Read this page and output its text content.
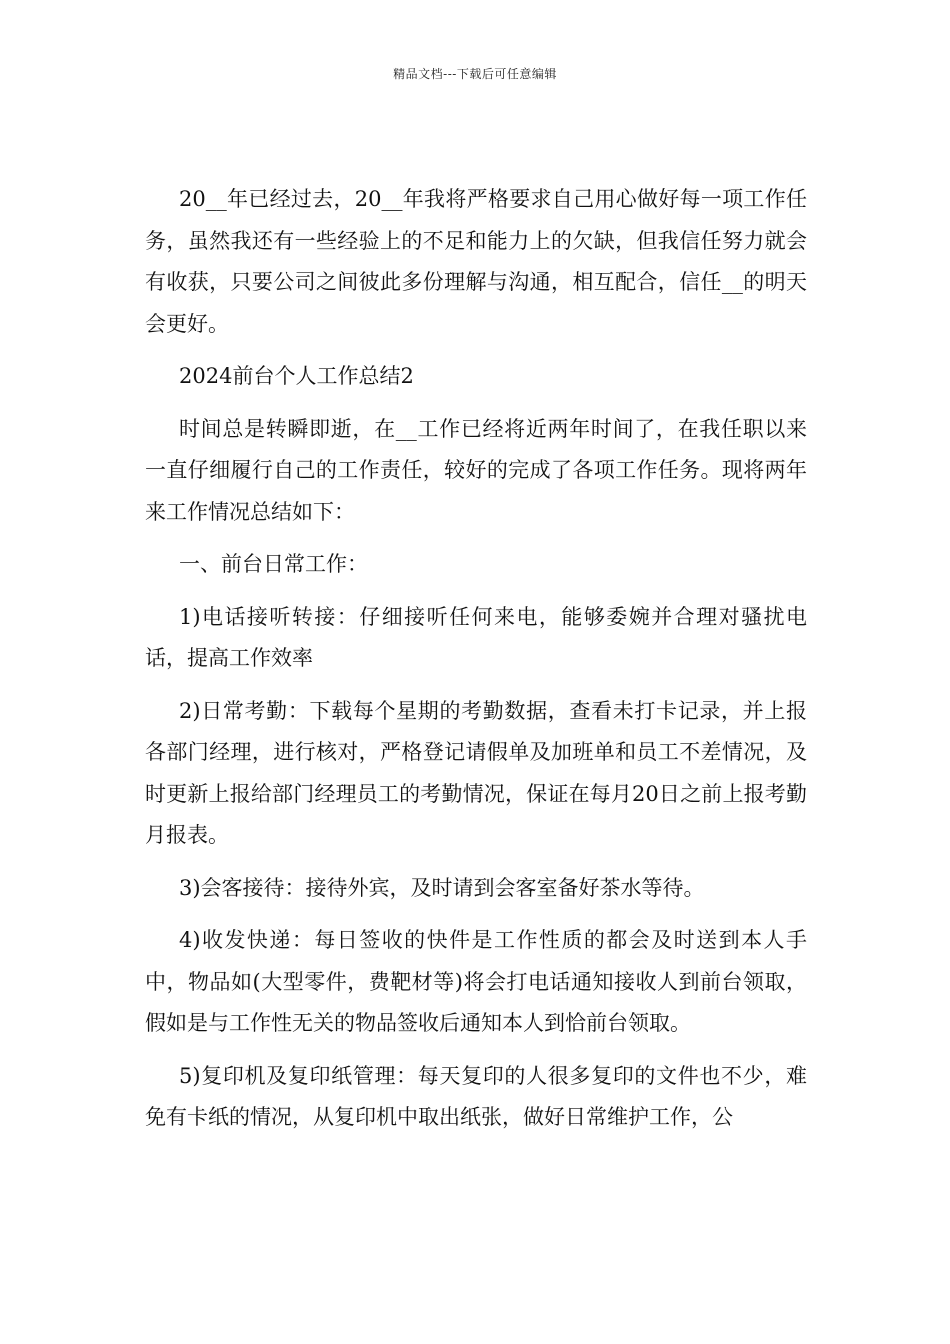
精品文档---下载后可任意编辑

20__年已经过去，20__年我将严格要求自己用心做好每一项工作任务，虽然我还有一些经验上的不足和能力上的欠缺，但我信任努力就会有收获，只要公司之间彼此多份理解与沟通，相互配合，信任__的明天会更好。

2024前台个人工作总结2

时间总是转瞬即逝，在__工作已经将近两年时间了，在我任职以来一直仔细履行自己的工作责任，较好的完成了各项工作任务。现将两年来工作情况总结如下：

一、前台日常工作：

1)电话接听转接：仔细接听任何来电，能够委婉并合理对骚扰电话，提高工作效率

2)日常考勤：下载每个星期的考勤数据，查看未打卡记录，并上报各部门经理，进行核对，严格登记请假单及加班单和员工不差情况，及时更新上报给部门经理员工的考勤情况，保证在每月20日之前上报考勤月报表。

3)会客接待：接待外宾，及时请到会客室备好茶水等待。

4)收发快递：每日签收的快件是工作性质的都会及时送到本人手中，物品如(大型零件，费靶材等)将会打电话通知接收人到前台领取，假如是与工作性无关的物品签收后通知本人到恰前台领取。

5)复印机及复印纸管理：每天复印的人很多复印的文件也不少，难免有卡纸的情况，从复印机中取出纸张，做好日常维护工作，公
